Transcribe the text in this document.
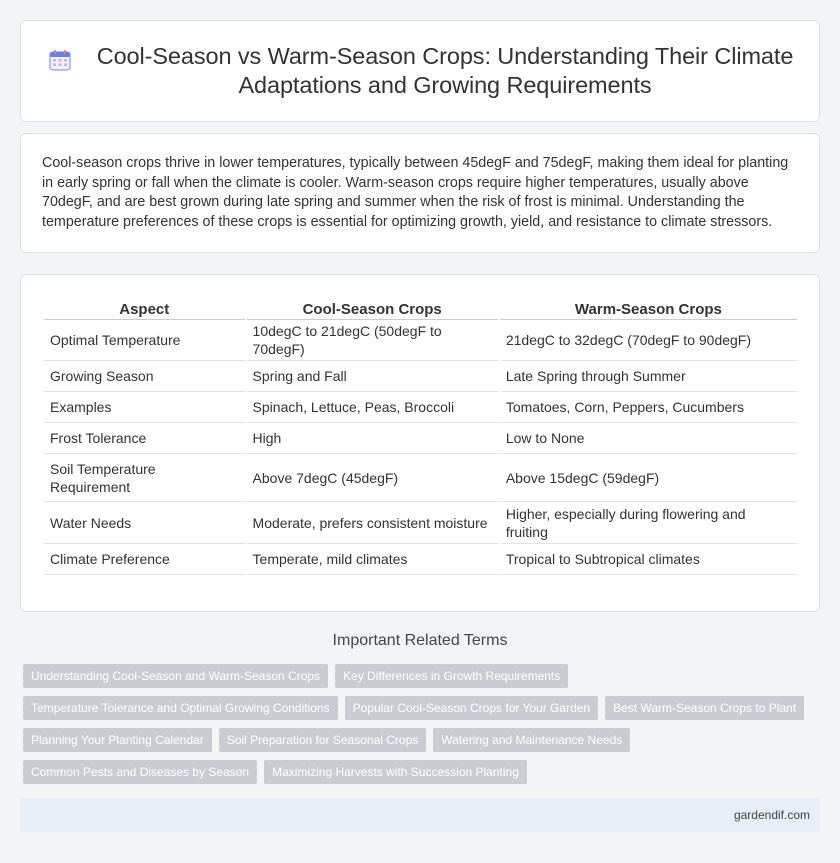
Cool-Season vs Warm-Season Crops: Understanding Their Climate Adaptations and Growing Requirements

Cool-season crops thrive in lower temperatures, typically between 45degF and 75degF, making them ideal for planting in early spring or fall when the climate is cooler. Warm-season crops require higher temperatures, usually above 70degF, and are best grown during late spring and summer when the risk of frost is minimal. Understanding the temperature preferences of these crops is essential for optimizing growth, yield, and resistance to climate stressors.

Aspect	Cool-Season Crops	Warm-Season Crops
Optimal Temperature	10degC to 21degC (50degF to 70degF)	21degC to 32degC (70degF to 90degF)
Growing Season	Spring and Fall	Late Spring through Summer
Examples	Spinach, Lettuce, Peas, Broccoli	Tomatoes, Corn, Peppers, Cucumbers
Frost Tolerance	High	Low to None
Soil Temperature Requirement	Above 7degC (45degF)	Above 15degC (59degF)
Water Needs	Moderate, prefers consistent moisture	Higher, especially during flowering and fruiting
Climate Preference	Temperate, mild climates	Tropical to Subtropical climates
Important Related Terms
Understanding Cool-Season and Warm-Season Crops	Key Differences in Growth Requirements
Temperature Tolerance and Optimal Growing Conditions	Popular Cool-Season Crops for Your Garden	Best Warm-Season Crops to Plant
Planning Your Planting Calendar	Soil Preparation for Seasonal Crops	Watering and Maintenance Needs
Common Pests and Diseases by Season	Maximizing Harvests with Succession Planting
gardendif.com
